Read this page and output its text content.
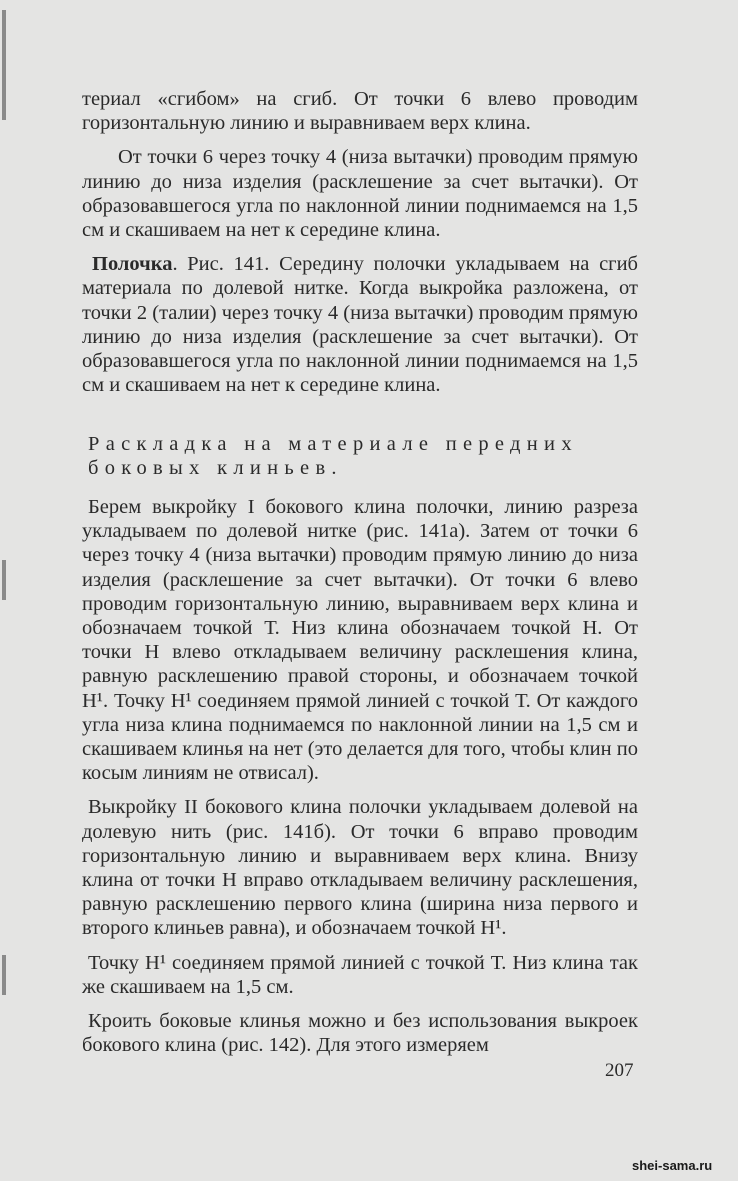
териал «сгибом» на сгиб. От точки 6 влево проводим горизонтальную линию и выравниваем верх клина.

От точки 6 через точку 4 (низа вытачки) проводим прямую линию до низа изделия (расклешение за счет вытачки). От образовавшегося угла по наклонной линии поднимаемся на 1,5 см и скашиваем на нет к середине клина.

Полочка. Рис. 141. Середину полочки укладываем на сгиб материала по долевой нитке. Когда выкройка разложена, от точки 2 (талии) через точку 4 (низа вытачки) проводим прямую линию до низа изделия (расклешение за счет вытачки). От образовавшегося угла по наклонной линии поднимаемся на 1,5 см и скашиваем на нет к середине клина.

Раскладка на материале передних боковых клиньев.

Берем выкройку I бокового клина полочки, линию разреза укладываем по долевой нитке (рис. 141а). Затем от точки 6 через точку 4 (низа вытачки) проводим прямую линию до низа изделия (расклешение за счет вытачки). От точки 6 влево проводим горизонтальную линию, выравниваем верх клина и обозначаем точкой Т. Низ клина обозначаем точкой Н. От точки Н влево откладываем величину расклешения клина, равную расклешению правой стороны, и обозначаем точкой Н¹. Точку Н¹ соединяем прямой линией с точкой Т. От каждого угла низа клина поднимаемся по наклонной линии на 1,5 см и скашиваем клинья на нет (это делается для того, чтобы клин по косым линиям не отвисал).

Выкройку II бокового клина полочки укладываем долевой на долевую нить (рис. 141б). От точки 6 вправо проводим горизонтальную линию и выравниваем верх клина. Внизу клина от точки Н вправо откладываем величину расклешения, равную расклешению первого клина (ширина низа первого и второго клиньев равна), и обозначаем точкой Н¹.

Точку Н¹ соединяем прямой линией с точкой Т. Низ клина так же скашиваем на 1,5 см.

Кроить боковые клинья можно и без использования выкроек бокового клина (рис. 142). Для этого измеряем

207
shei-sama.ru
